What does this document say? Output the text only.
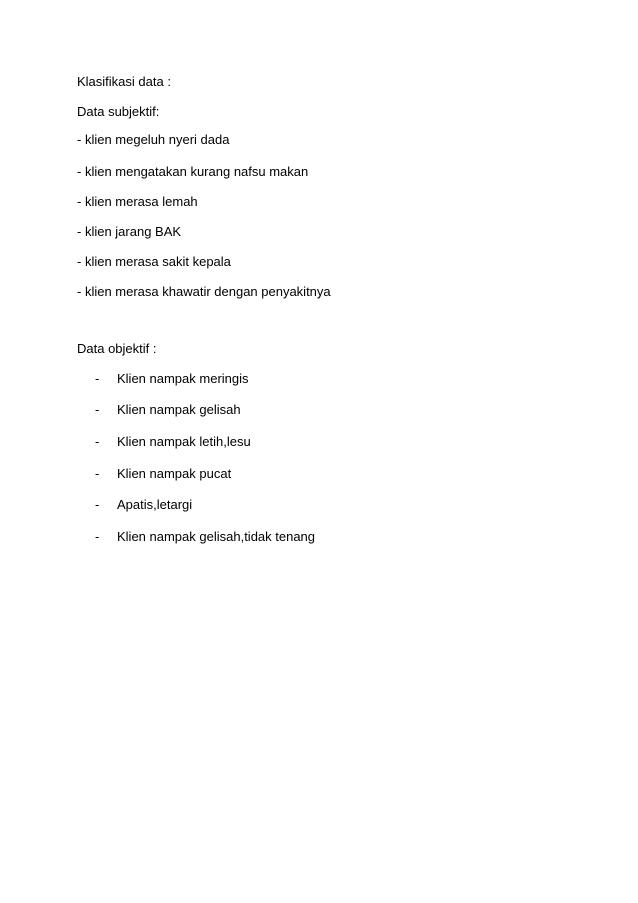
Klasifikasi data :
Data subjektif:
- klien megeluh nyeri dada
- klien mengatakan kurang nafsu makan
- klien merasa lemah
- klien jarang BAK
- klien merasa sakit kepala
- klien merasa khawatir dengan penyakitnya
Data objektif :
- Klien nampak meringis
- Klien nampak gelisah
- Klien nampak letih,lesu
- Klien nampak pucat
- Apatis,letargi
- Klien nampak gelisah,tidak tenang
